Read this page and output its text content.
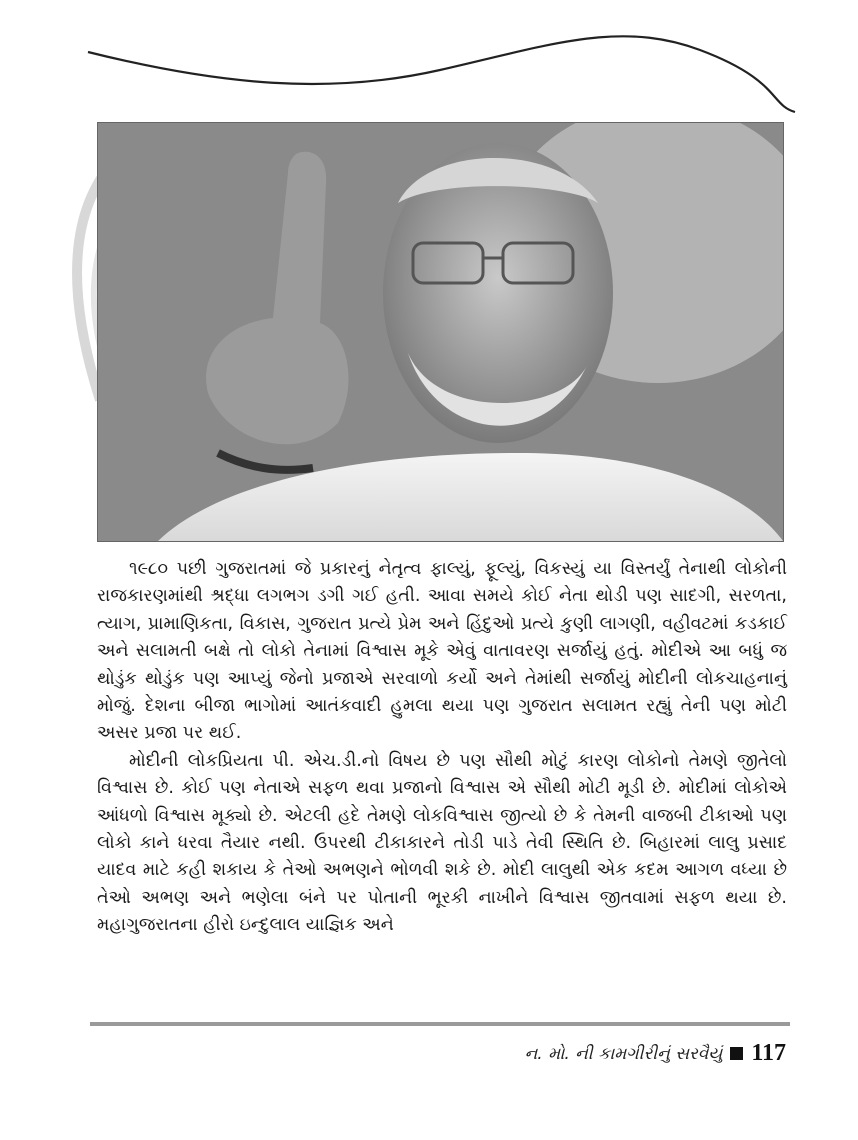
૧૯૮૦ પછી ગુજરાતમાં જે પ્રકારનું નેતૃત્વ ફાલ્યું, ફૂલ્યું, વિકસ્યું યા વિસ્તર્યું તેનાથી લોકોની રાજકારણમાંથી શ્રદ્ધા લગભગ ડગી ગઈ હતી. આવા સમયે કોઈ નેતા થોડી પણ સાદગી, સરળતા, ત્યાગ, પ્રામાણિકતા, વિકાસ, ગુજરાત પ્રત્યે પ્રેમ અને હિંદુઓ પ્રત્યે કુણી લાગણી, વહીવટમાં કડકાઈ અને સલામતી બક્ષે તો લોકો તેનામાં વિશ્વાસ મૂકે એવું વાતાવરણ સર્જાયું હતું. મોદીએ આ બધું જ થોડુંક થોડુંક પણ આપ્યું જેનો પ્રજાએ સરવાળો કર્યો અને તેમાંથી સર્જાયું મોદીની લોકચાહનાનું મોજું. દેશના બીજા ભાગોમાં આતંકવાદી હુમલા થયા પણ ગુજરાત સલામત રહ્યું તેની પણ મોટી અસર પ્રજા પર થઈ.

મોદીની લોકપ્રિયતા પી. એચ.ડી.નો વિષય છે પણ સૌથી મોટું કારણ લોકોનો તેમણે જીતેલો વિશ્વાસ છે. કોઈ પણ નેતાએ સફળ થવા પ્રજાનો વિશ્વાસ એ સૌથી મોટી મૂડી છે. મોદીમાં લોકોએ આંધળો વિશ્વાસ મૂક્યો છે. એટલી હદે તેમણે લોકવિશ્વાસ જીત્યો છે કે તેમની વાજબી ટીકાઓ પણ લોકો કાને ધરવા તૈયાર નથી. ઉપરથી ટીકાકારને તોડી પાડે તેવી સ્થિતિ છે. બિહારમાં લાલુ પ્રસાદ યાદવ માટે કહી શકાય કે તેઓ અભણને ભોળવી શકે છે. મોદી લાલુથી એક કદમ આગળ વધ્યા છે તેઓ અભણ અને ભણેલા બંને પર પોતાની ભૂરકી નાખીને વિશ્વાસ જીતવામાં સફળ થયા છે. મહાગુજરાતના હીરો ઇન્દુલાલ યાજ્ઞિક અને

ન. મો. ની કામગીરીનું સરવૈયું 117
